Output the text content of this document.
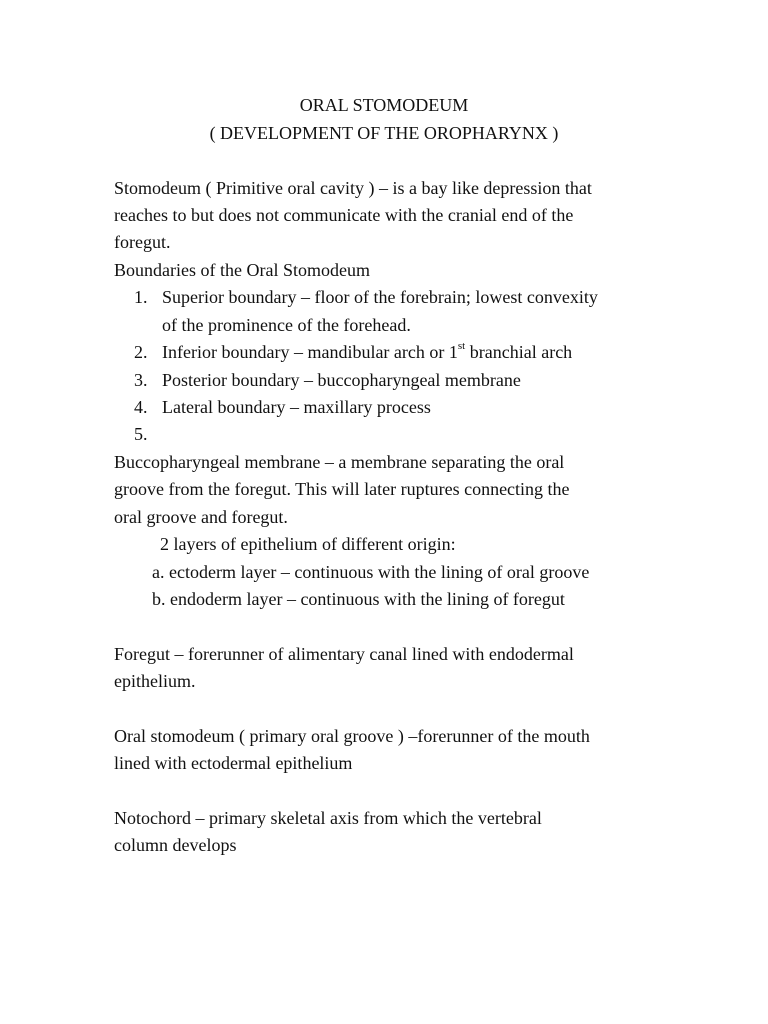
ORAL STOMODEUM
( DEVELOPMENT OF THE OROPHARYNX )
Stomodeum ( Primitive oral cavity ) – is a bay like depression that
reaches to but does not communicate with the cranial end of the
foregut.
Boundaries of the Oral Stomodeum
1. Superior boundary – floor of the forebrain; lowest convexity
of the prominence of the forehead.
2. Inferior boundary – mandibular arch or 1st branchial arch
3. Posterior boundary – buccopharyngeal membrane
4. Lateral boundary – maxillary process
5.
Buccopharyngeal membrane – a membrane separating the oral
groove from the foregut. This will later ruptures connecting the
oral groove and foregut.
2 layers of epithelium of different origin:
a. ectoderm layer – continuous with the lining of oral groove
b. endoderm layer – continuous with the lining of foregut
Foregut – forerunner of alimentary canal lined with endodermal
epithelium.
Oral stomodeum ( primary oral groove ) –forerunner of the mouth
lined with ectodermal epithelium
Notochord – primary skeletal axis from which the vertebral
column develops
